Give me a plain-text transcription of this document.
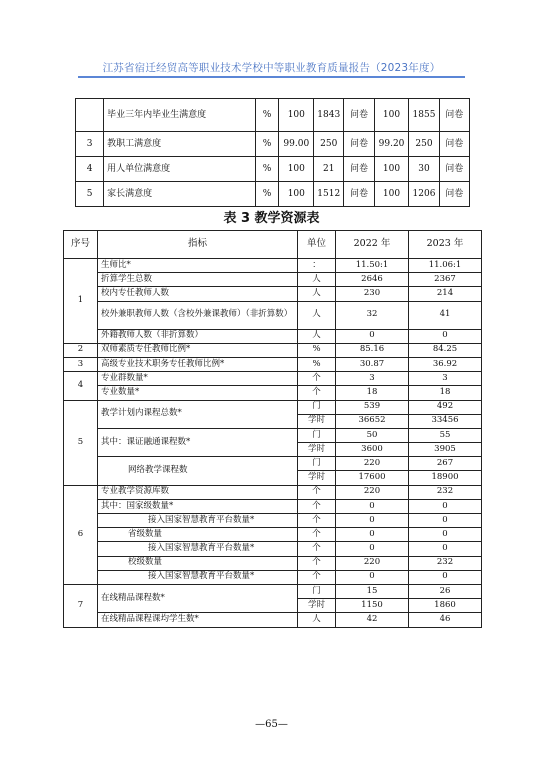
江苏省宿迁经贸高等职业技术学校中等职业教育质量报告（2023年度）
	毕业三年内毕业生满意度	%	100	1843	问卷	100	1855	问卷
3	教职工满意度	%	99.00	250	问卷	99.20	250	问卷
4	用人单位满意度	%	100	21	问卷	100	30	问卷
5	家长满意度	%	100	1512	问卷	100	1206	问卷
表 3 教学资源表
序号	指标	单位	2022 年	2023 年
1	生师比*	：	11.50:1	11.06:1
	折算学生总数	人	2646	2367
	校内专任教师人数	人	230	214
	校外兼职教师人数（含校外兼课教师）（非折算数）	人	32	41
	外籍教师人数（非折算数）	人	0	0
2	双师素质专任教师比例*	%	85.16	84.25
3	高级专业技术职务专任教师比例*	%	30.87	36.92
4	专业群数量*	个	3	3
	专业数量*	个	18	18
5	教学计划内课程总数*	门	539	492
		学时	36652	33456
	其中：课证融通课程数*	门	50	55
		学时	3600	3905
	网络教学课程数	门	220	267
		学时	17600	18900
6	专业教学资源库数	个	220	232
	其中：国家级数量*	个	0	0
	接入国家智慧教育平台数量*	个	0	0
	省级数量	个	0	0
	接入国家智慧教育平台数量*	个	0	0
	校级数量	个	220	232
	接入国家智慧教育平台数量*	个	0	0
7	在线精品课程数*	门	15	26
		学时	1150	1860
	在线精品课程课均学生数*	人	42	46
—65—
